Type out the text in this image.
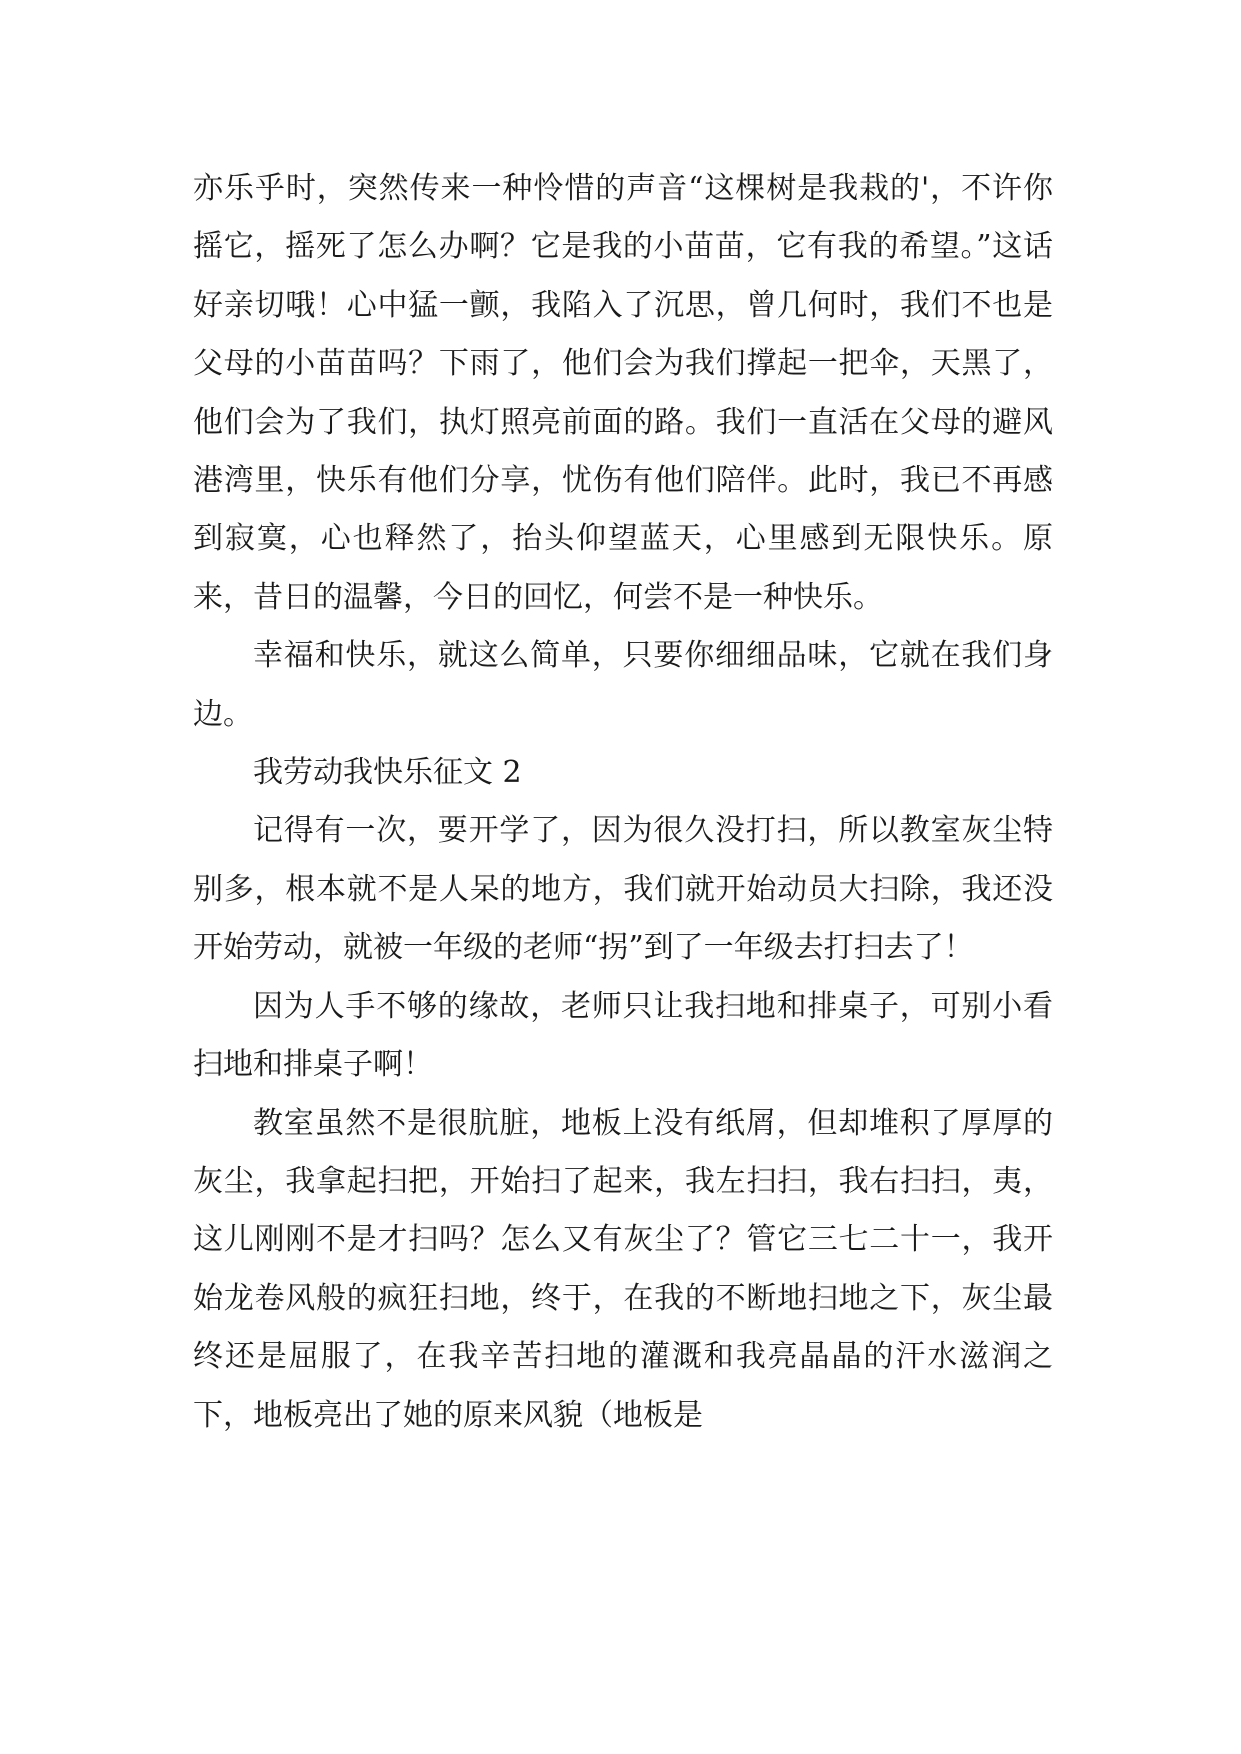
亦乐乎时，突然传来一种怜惜的声音“这棵树是我栽的'，不许你摇它，摇死了怎么办啊？它是我的小苗苗，它有我的希望。”这话好亲切哦！心中猛一颤，我陷入了沉思，曾几何时，我们不也是父母的小苗苗吗？下雨了，他们会为我们撑起一把伞，天黑了，他们会为了我们，执灯照亮前面的路。我们一直活在父母的避风港湾里，快乐有他们分享，忧伤有他们陪伴。此时，我已不再感到寂寞，心也释然了，抬头仰望蓝天，心里感到无限快乐。原来，昔日的温馨，今日的回忆，何尝不是一种快乐。

幸福和快乐，就这么简单，只要你细细品味，它就在我们身边。

我劳动我快乐征文 2

记得有一次，要开学了，因为很久没打扫，所以教室灰尘特别多，根本就不是人呆的地方，我们就开始动员大扫除，我还没开始劳动，就被一年级的老师“拐”到了一年级去打扫去了！

因为人手不够的缘故，老师只让我扫地和排桌子，可别小看扫地和排桌子啊！

教室虽然不是很肮脏，地板上没有纸屑，但却堆积了厚厚的灰尘，我拿起扫把，开始扫了起来，我左扫扫，我右扫扫，夷，这儿刚刚不是才扫吗？怎么又有灰尘了？管它三七二十一，我开始龙卷风般的疯狂扫地，终于，在我的不断地扫地之下，灰尘最终还是屈服了，在我辛苦扫地的灌溉和我亮晶晶的汗水滋润之下，地板亮出了她的原来风貌（地板是
